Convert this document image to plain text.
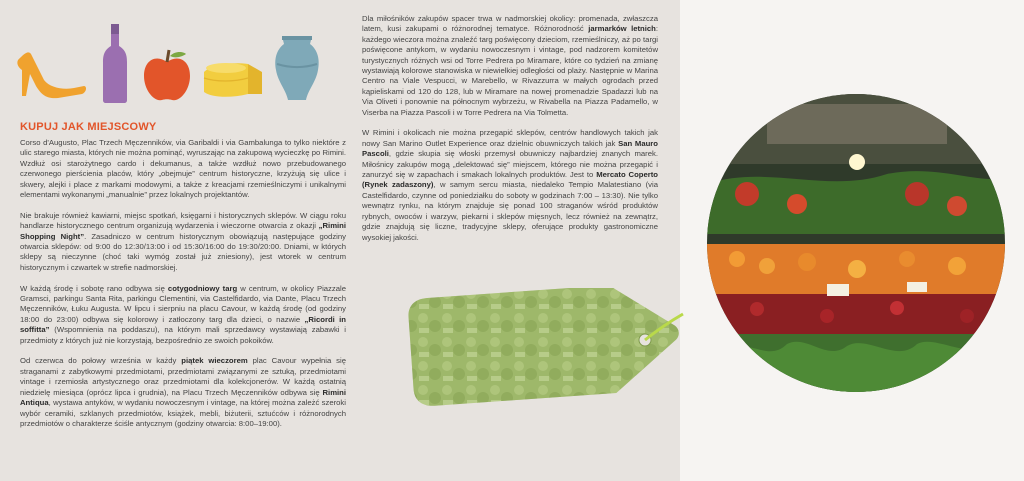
KUPUJ JAK MIEJSCOWY

Corso d'Augusto, Plac Trzech Męczenników, via Garibaldi i via Gambalunga to tylko niektóre z ulic starego miasta, których nie można pominąć, wyruszając na zakupową wycieczkę po Rimini. Wzdłuż osi starożytnego cardo i dekumanus, a także wzdłuż nowo przebudowanego czerwonego pierścienia placów, który „obejmuje” centrum historyczne, krzyżują się ulice i skwery, alejki i place z markami modowymi, a także z kreacjami rzemieślniczymi i unikalnymi elementami wykonanymi „manualnie” przez lokalnych projektantów.

Nie brakuje również kawiarni, miejsc spotkań, księgarni i historycznych sklepów. W ciągu roku handlarze historycznego centrum organizują wydarzenia i wieczorne otwarcia z okazji „Rimini Shopping Night”. Zasadniczo w centrum historycznym obowiązują następujące godziny otwarcia sklepów: od 9:00 do 12:30/13:00 i od 15:30/16:00 do 19:30/20:00. Dniami, w których sklepy są nieczynne (choć taki wymóg został już zniesiony), jest wtorek w centrum historycznym i czwartek w strefie nadmorskiej.

W każdą środę i sobotę rano odbywa się cotygodniowy targ w centrum, w okolicy Piazzale Gramsci, parkingu Santa Rita, parkingu Clementini, via Castelfidardo, via Dante, Placu Trzech Męczenników, Łuku Augusta. W lipcu i sierpniu na placu Cavour, w każdą środę (od godziny 18:00 do 23:00) odbywa się kolorowy i zatłoczony targ dla dzieci, o nazwie „Ricordi in soffitta” (Wspomnienia na poddaszu), na którym mali sprzedawcy wystawiają zabawki i przedmioty z których już nie korzystają, bezpośrednio ze swoich pokoików.

Od czerwca do połowy września w każdy piątek wieczorem plac Cavour wypełnia się straganami z zabytkowymi przedmiotami, przedmiotami związanymi ze sztuką, przedmiotami vintage i rzemiosła artystycznego oraz przedmiotami dla kolekcjonerów. W każdą ostatnią niedzielę miesiąca (oprócz lipca i grudnia), na Placu Trzech Męczenników odbywa się Rimini Antiqua, wystawa antyków, w wydaniu nowoczesnym i vintage, na której można zależć szeroki wybór ceramiki, szklanych przedmiotów, książek, mebli, biżuterii, sztućców i różnorodnych przedmiotów o charakterze ściśle antycznym (godziny otwarcia: 8:00–19:00).

Dla miłośników zakupów spacer trwa w nadmorskiej okolicy: promenada, zwłaszcza latem, kusi zakupami o różnorodnej tematyce. Różnorodność jarmarków letnich: każdego wieczora można znaleźć targ poświęcony dzieciom, rzemieślniczy, aż po targi poświęcone antykom, w wydaniu nowoczesnym i vintage, pod nadzorem komitetów turystycznych różnych wsi od Torre Pedrera po Miramare, które co tydzień na zmianę wystawiają kolorowe stanowiska w niewielkiej odległości od plaży. Następnie w Marina Centro na Viale Vespucci, w Marebello, w Rivazzurra w małych ogrodach przed kąpieliskami od 120 do 128, lub w Miramare na nowej promenadzie Spadazzi lub na Via Oliveti i ponownie na północnym wybrzeżu, w Rivabella na Piazza Padamello, w Viserba na Piazza Pascoli i w Torre Pedrera na Via Tolmetta.

W Rimini i okolicach nie można przegapić sklepów, centrów handlowych takich jak nowy San Marino Outlet Experience oraz dzielnic obuwniczych takich jak San Mauro Pascoli, gdzie skupia się włoski przemysł obuwniczy najbardziej znanych marek. Miłośnicy zakupów mogą „delektować się” miejscem, którego nie można przegapić i zanurzyć się w zapachach i smakach lokalnych produktów. Jest to Mercato Coperto (Rynek zadaszony), w samym sercu miasta, niedaleko Tempio Malatestiano (via Castelfidardo, czynne od poniedziałku do soboty w godzinach 7:00 – 13:30). Nie tylko wewnątrz rynku, na którym znajduje się ponad 100 straganów wśród produktów rybnych, owoców i warzyw, piekarni i sklepów mięsnych, lecz również na zewnątrz, gdzie znajdują się liczne, tradycyjne sklepy, oferujące produkty gastronomiczne wysokiej jakości.
